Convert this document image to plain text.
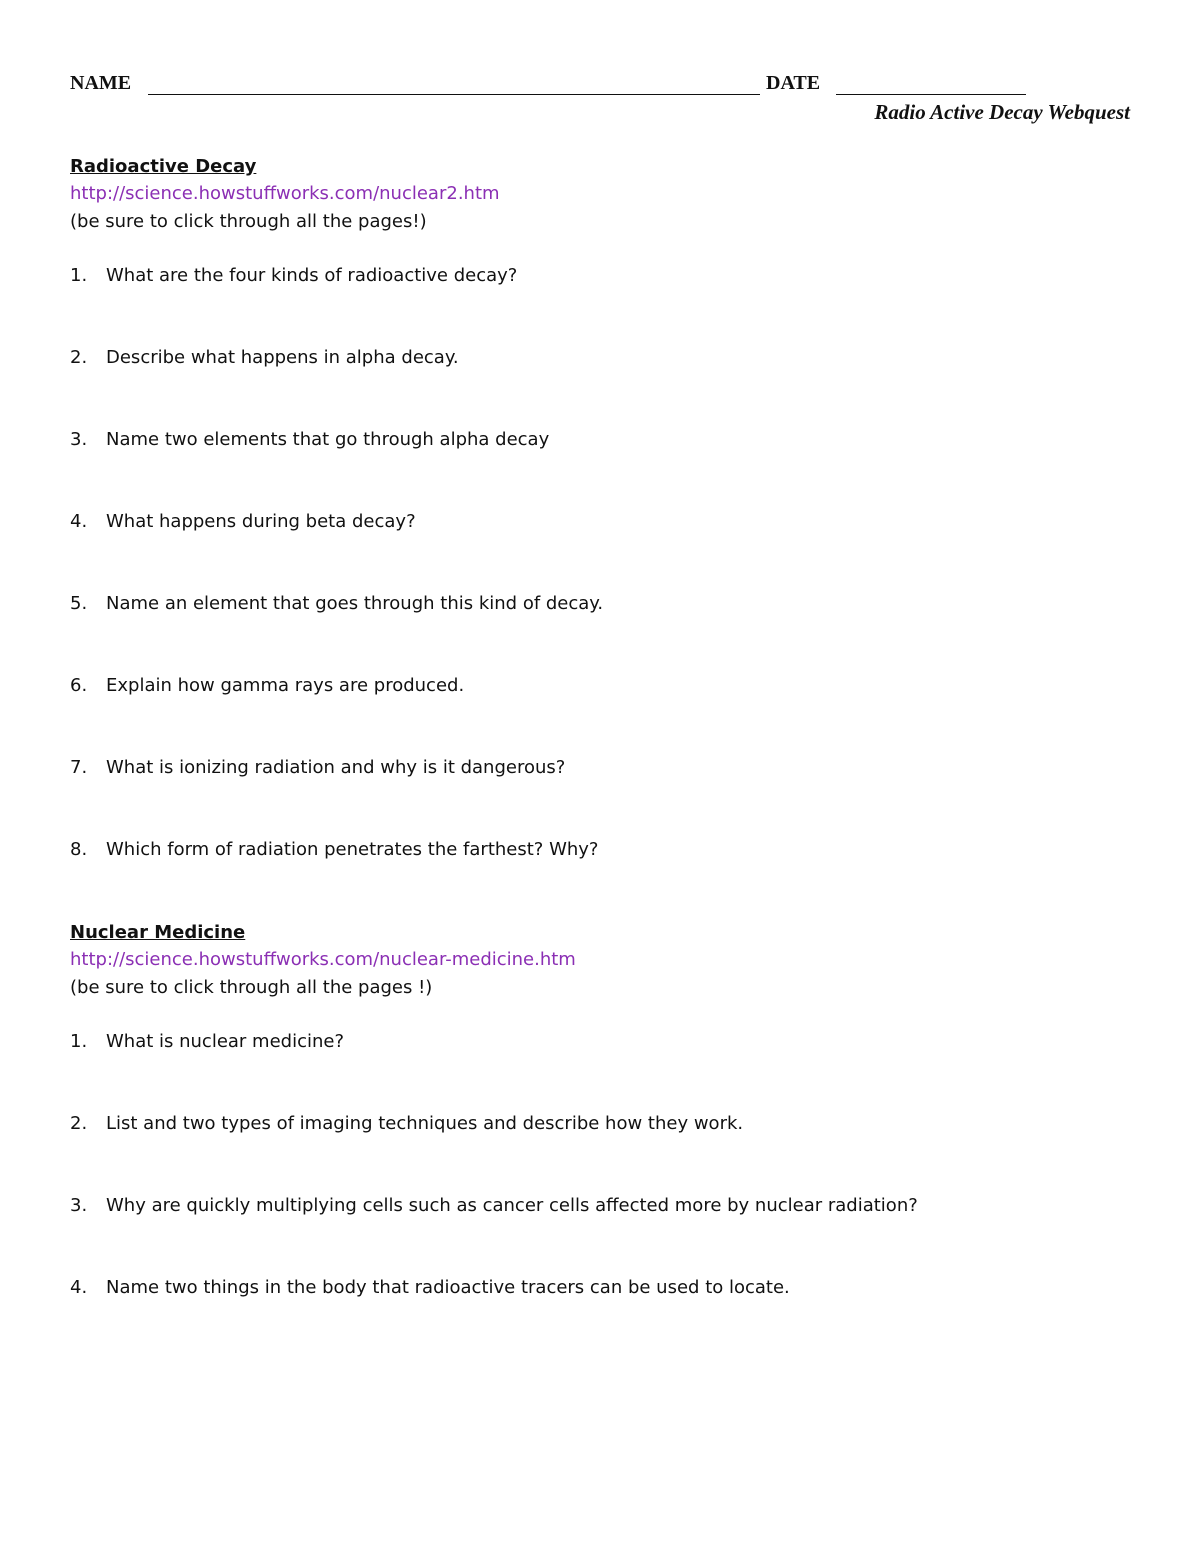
NAME	DATE
Radio Active Decay Webquest
Radioactive Decay
http://science.howstuffworks.com/nuclear2.htm
(be sure to click through all the pages!)
1.	What are the four kinds of radioactive decay?
2.	Describe what happens in alpha decay.
3.	Name two elements that go through alpha decay
4.	What happens during beta decay?
5.	Name an element that goes through this kind of decay.
6.	Explain how gamma rays are produced.
7.	What is ionizing radiation and why is it dangerous?
8.	Which form of radiation penetrates the farthest? Why?
Nuclear Medicine
http://science.howstuffworks.com/nuclear-medicine.htm
(be sure to click through all the pages !)
1.	What is nuclear medicine?
2.	List and two types of imaging techniques and describe how they work.
3.	Why are quickly multiplying cells such as cancer cells affected more by nuclear radiation?
4.	Name two things in the body that radioactive tracers can be used to locate.
